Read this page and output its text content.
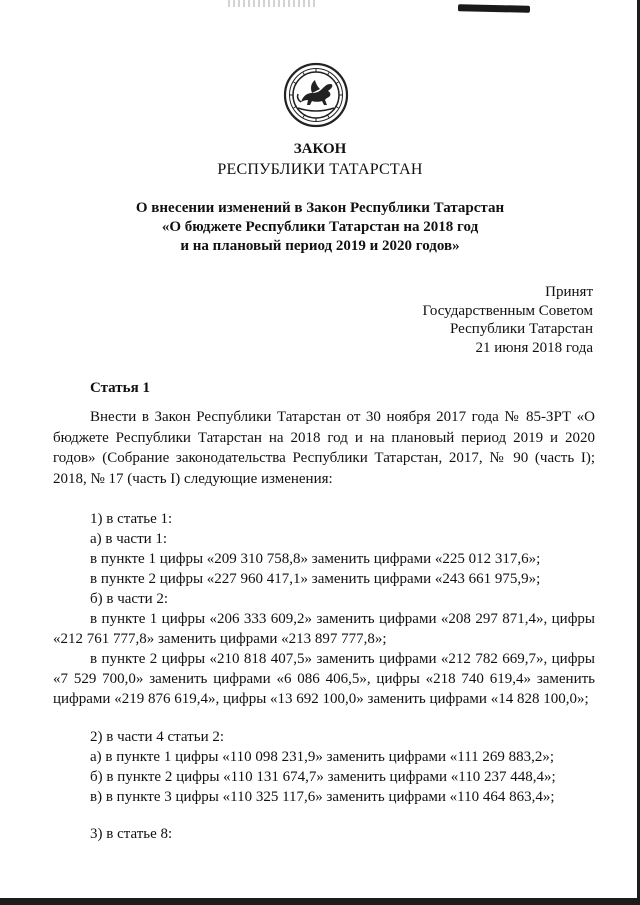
ЗАКОН
РЕСПУБЛИКИ ТАТАРСТАН
О внесении изменений в Закон Республики Татарстан
«О бюджете Республики Татарстан на 2018 год
и на плановый период 2019 и 2020 годов»
Принят
Государственным Советом
Республики Татарстан
21 июня 2018 года
Статья 1
Внести в Закон Республики Татарстан от 30 ноября 2017 года № 85-ЗРТ «О бюджете Республики Татарстан на 2018 год и на плановый период 2019 и 2020 годов» (Собрание законодательства Республики Татарстан, 2017, № 90 (часть I); 2018, № 17 (часть I) следующие изменения:
1) в статье 1:
а) в части 1:
в пункте 1 цифры «209 310 758,8» заменить цифрами «225 012 317,6»;
в пункте 2 цифры «227 960 417,1» заменить цифрами «243 661 975,9»;
б) в части 2:
в пункте 1 цифры «206 333 609,2» заменить цифрами «208 297 871,4», цифры
«212 761 777,8» заменить цифрами «213 897 777,8»;
в пункте 2 цифры «210 818 407,5» заменить цифрами «212 782 669,7», цифры
«7 529 700,0» заменить цифрами «6 086 406,5», цифры «218 740 619,4» заменить
цифрами «219 876 619,4», цифры «13 692 100,0» заменить цифрами «14 828 100,0»;
2) в части 4 статьи 2:
а) в пункте 1 цифры «110 098 231,9» заменить цифрами «111 269 883,2»;
б) в пункте 2 цифры «110 131 674,7» заменить цифрами «110 237 448,4»;
в) в пункте 3 цифры «110 325 117,6» заменить цифрами «110 464 863,4»;
3) в статье 8:
